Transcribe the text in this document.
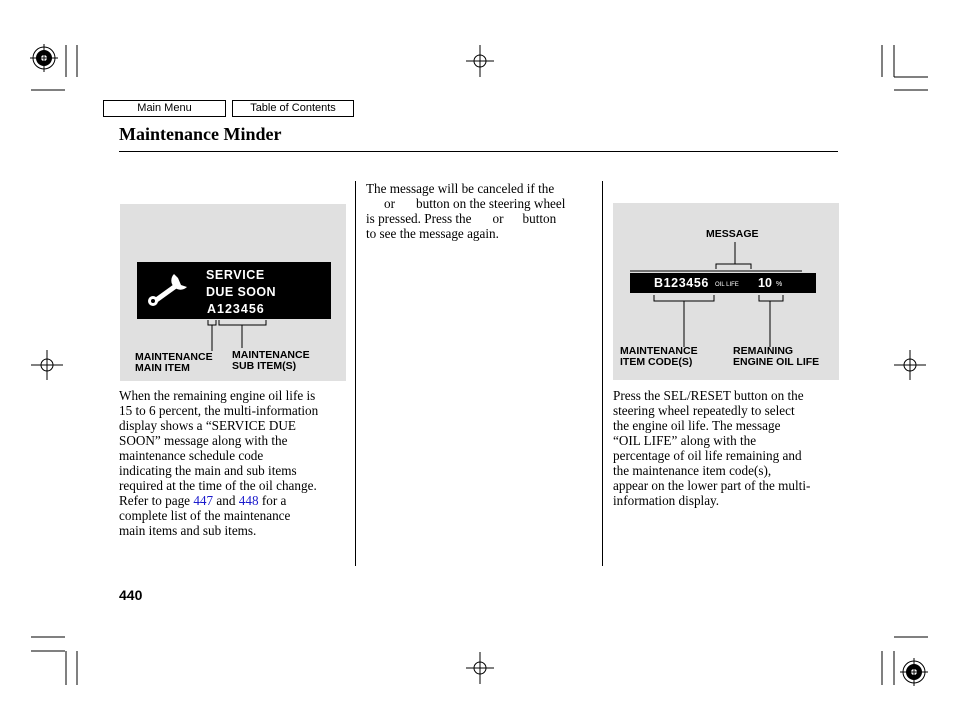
Main Menu	Table of Contents
Maintenance Minder
SERVICE
DUE SOON
A123456
MAINTENANCE
MAIN ITEM
MAINTENANCE
SUB ITEM(S)
When the remaining engine oil life is
15 to 6 percent, the multi-information
display shows a “SERVICE DUE
SOON” message along with the
maintenance schedule code
indicating the main and sub items
required at the time of the oil change.
Refer to page 447 and 448 for a
complete list of the maintenance
main items and sub items.
The message will be canceled if the
or button on the steering wheel
is pressed. Press the or button
to see the message again.	MESSAGE
B123456 OIL LIFE 10 %
MAINTENANCE
ITEM CODE(S)
REMAINING
ENGINE OIL LIFE
Press the SEL/RESET button on the
steering wheel repeatedly to select
the engine oil life. The message
“OIL LIFE” along with the
percentage of oil life remaining and
the maintenance item code(s),
appear on the lower part of the multi-
information display.
440
